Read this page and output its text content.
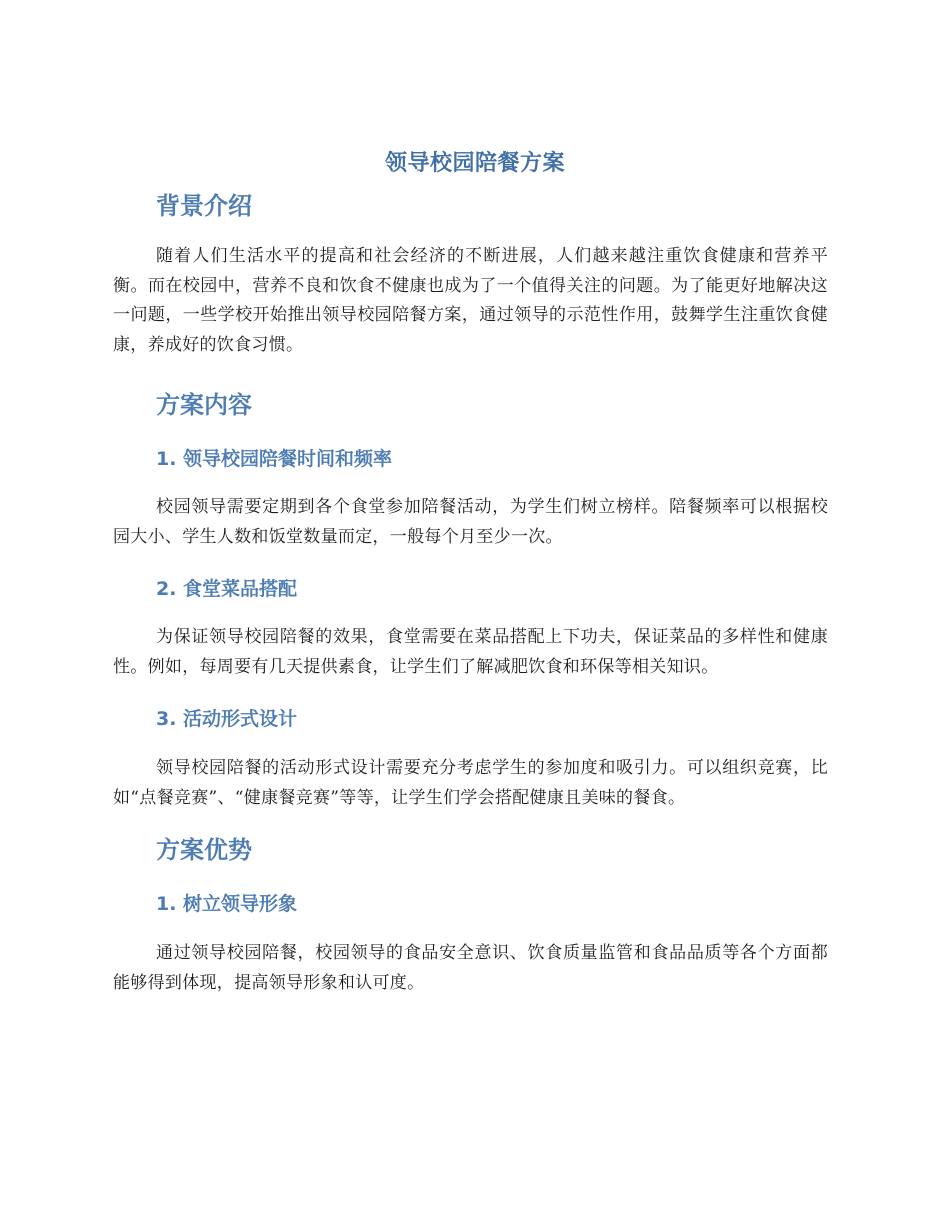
领导校园陪餐方案
背景介绍

随着人们生活水平的提高和社会经济的不断进展，人们越来越注重饮食健康和营养平衡。而在校园中，营养不良和饮食不健康也成为了一个值得关注的问题。为了能更好地解决这一问题，一些学校开始推出领导校园陪餐方案，通过领导的示范性作用，鼓舞学生注重饮食健康，养成好的饮食习惯。

方案内容
1. 领导校园陪餐时间和频率

校园领导需要定期到各个食堂参加陪餐活动，为学生们树立榜样。陪餐频率可以根据校园大小、学生人数和饭堂数量而定，一般每个月至少一次。

2. 食堂菜品搭配

为保证领导校园陪餐的效果，食堂需要在菜品搭配上下功夫，保证菜品的多样性和健康性。例如，每周要有几天提供素食，让学生们了解减肥饮食和环保等相关知识。

3. 活动形式设计

领导校园陪餐的活动形式设计需要充分考虑学生的参加度和吸引力。可以组织竞赛，比如“点餐竞赛”、“健康餐竞赛”等等，让学生们学会搭配健康且美味的餐食。

方案优势
1. 树立领导形象

通过领导校园陪餐，校园领导的食品安全意识、饮食质量监管和食品品质等各个方面都能够得到体现，提高领导形象和认可度。
